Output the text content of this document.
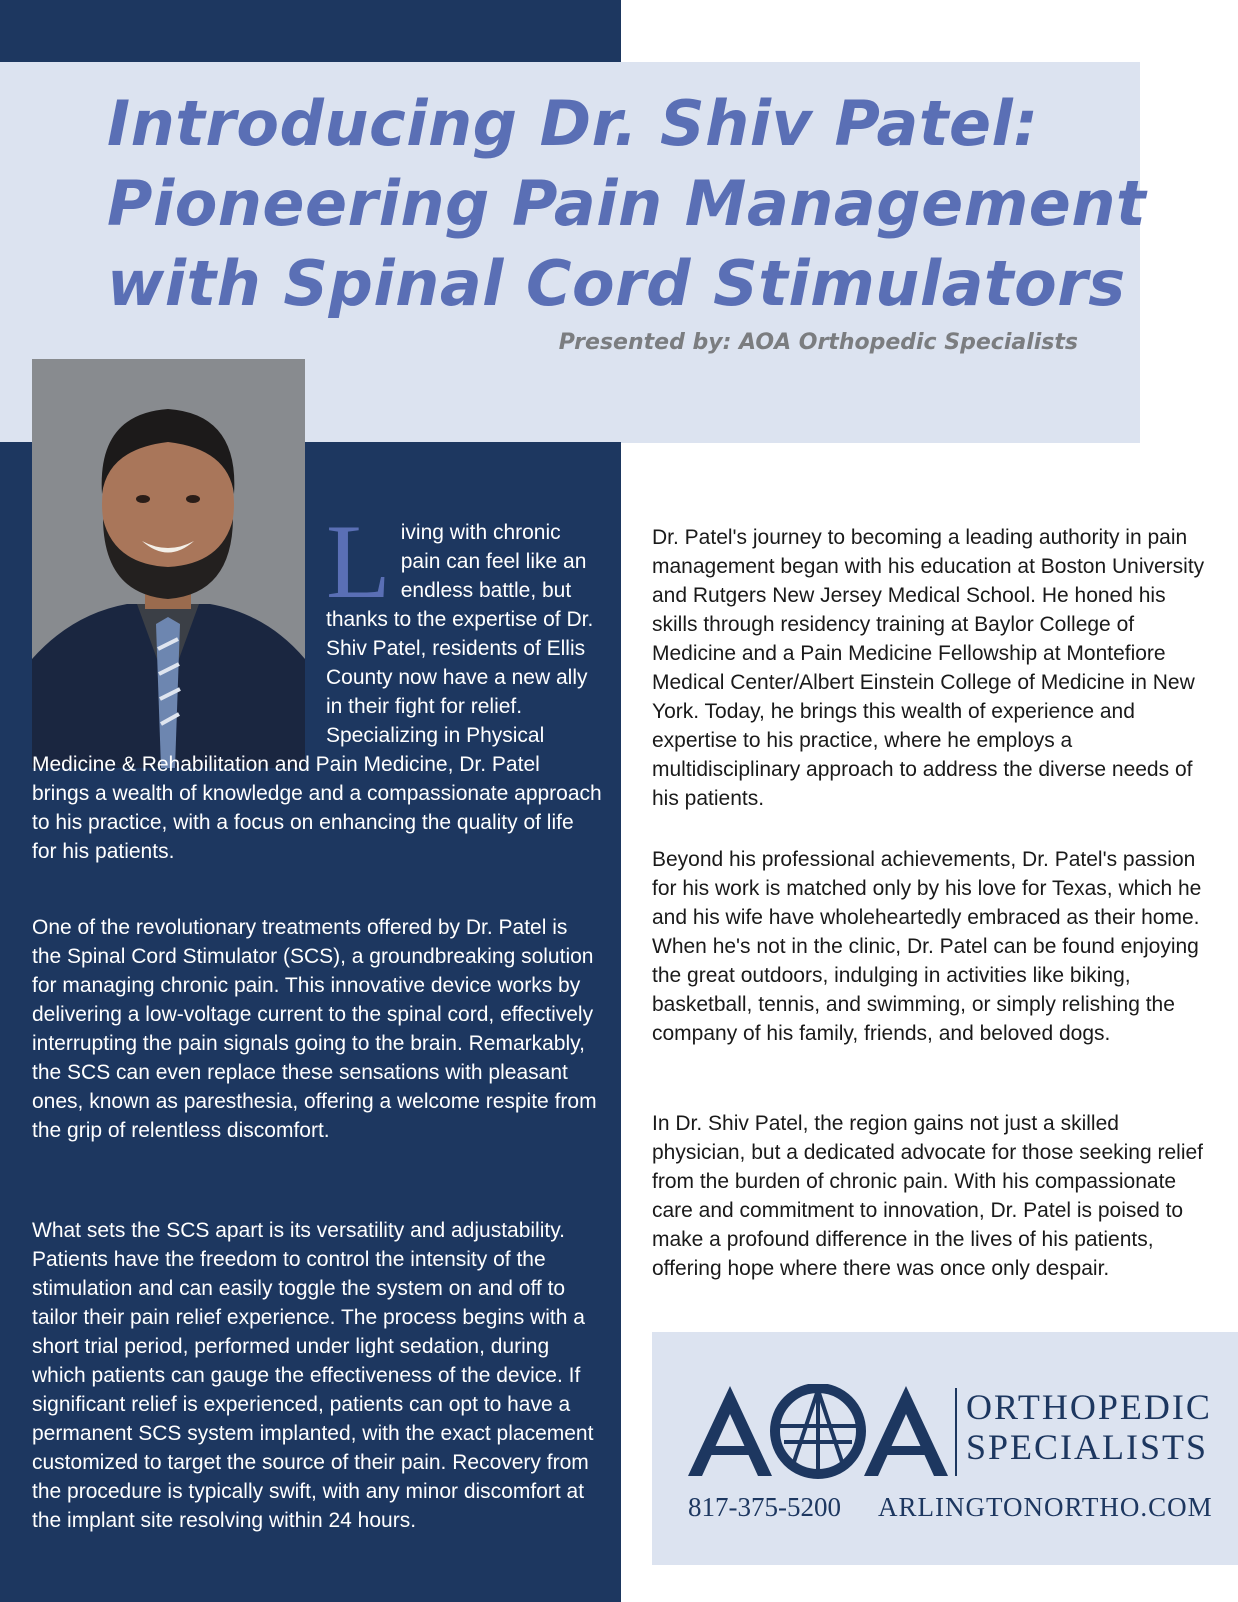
Introducing Dr. Shiv Patel:
Pioneering Pain Management
with Spinal Cord Stimulators
Presented by: AOA Orthopedic Specialists

L iving with chronic pain can feel like an endless battle, but thanks to the expertise of Dr. Shiv Patel, residents of Ellis County now have a new ally in their fight for relief. Specializing in Physical Medicine & Rehabilitation and Pain Medicine, Dr. Patel brings a wealth of knowledge and a compassionate approach to his practice, with a focus on enhancing the quality of life for his patients.

One of the revolutionary treatments offered by Dr. Patel is the Spinal Cord Stimulator (SCS), a groundbreaking solution for managing chronic pain. This innovative device works by delivering a low-voltage current to the spinal cord, effectively interrupting the pain signals going to the brain. Remarkably, the SCS can even replace these sensations with pleasant ones, known as paresthesia, offering a welcome respite from the grip of relentless discomfort.

What sets the SCS apart is its versatility and adjustability. Patients have the freedom to control the intensity of the stimulation and can easily toggle the system on and off to tailor their pain relief experience. The process begins with a short trial period, performed under light sedation, during which patients can gauge the effectiveness of the device. If significant relief is experienced, patients can opt to have a permanent SCS system implanted, with the exact placement customized to target the source of their pain. Recovery from the procedure is typically swift, with any minor discomfort at the implant site resolving within 24 hours.

Dr. Patel's journey to becoming a leading authority in pain management began with his education at Boston University and Rutgers New Jersey Medical School. He honed his skills through residency training at Baylor College of Medicine and a Pain Medicine Fellowship at Montefiore Medical Center/Albert Einstein College of Medicine in New York. Today, he brings this wealth of experience and expertise to his practice, where he employs a multidisciplinary approach to address the diverse needs of his patients.

Beyond his professional achievements, Dr. Patel's passion for his work is matched only by his love for Texas, which he and his wife have wholeheartedly embraced as their home. When he's not in the clinic, Dr. Patel can be found enjoying the great outdoors, indulging in activities like biking, basketball, tennis, and swimming, or simply relishing the company of his family, friends, and beloved dogs.

In Dr. Shiv Patel, the region gains not just a skilled physician, but a dedicated advocate for those seeking relief from the burden of chronic pain. With his compassionate care and commitment to innovation, Dr. Patel is poised to make a profound difference in the lives of his patients, offering hope where there was once only despair.

ORTHOPEDIC
SPECIALISTS
817-375-5200 ARLINGTONORTHO.COM
